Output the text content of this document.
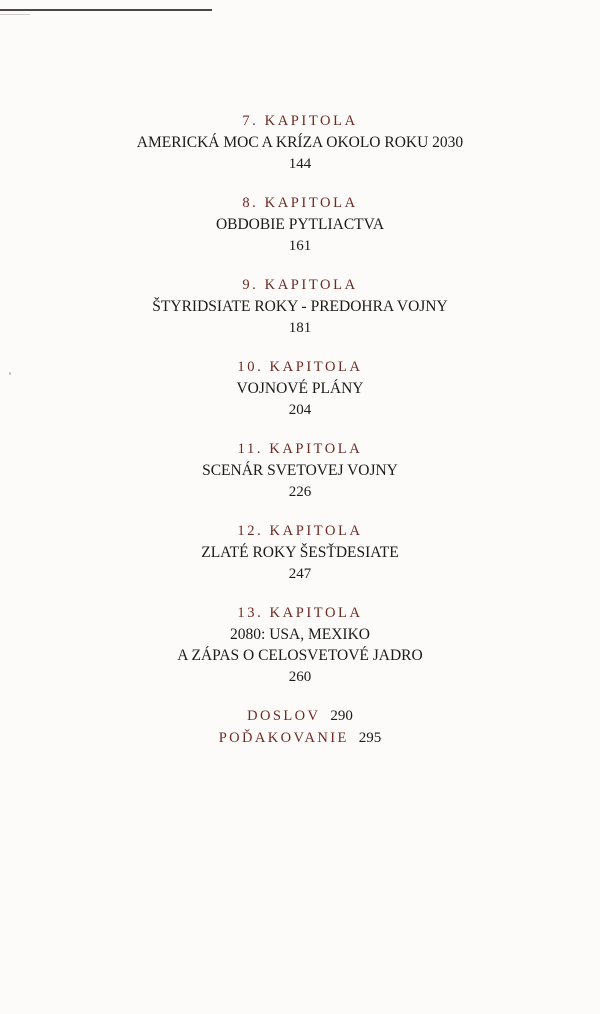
7. KAPITOLA
AMERICKÁ MOC A KRÍZA OKOLO ROKU 2030
144
8. KAPITOLA
OBDOBIE PYTLIACTVA
161
9. KAPITOLA
ŠTYRIDSIATE ROKY - PREDOHRA VOJNY
181
10. KAPITOLA
VOJNOVÉ PLÁNY
204
11. KAPITOLA
SCENÁR SVETOVEJ VOJNY
226
12. KAPITOLA
ZLATÉ ROKY ŠESŤDESIATE
247
13. KAPITOLA
2080: USA, MEXIKO
A ZÁPAS O CELOSVETOVÉ JADRO
260
DOSLOV 290
POĎAKOVANIE 295
